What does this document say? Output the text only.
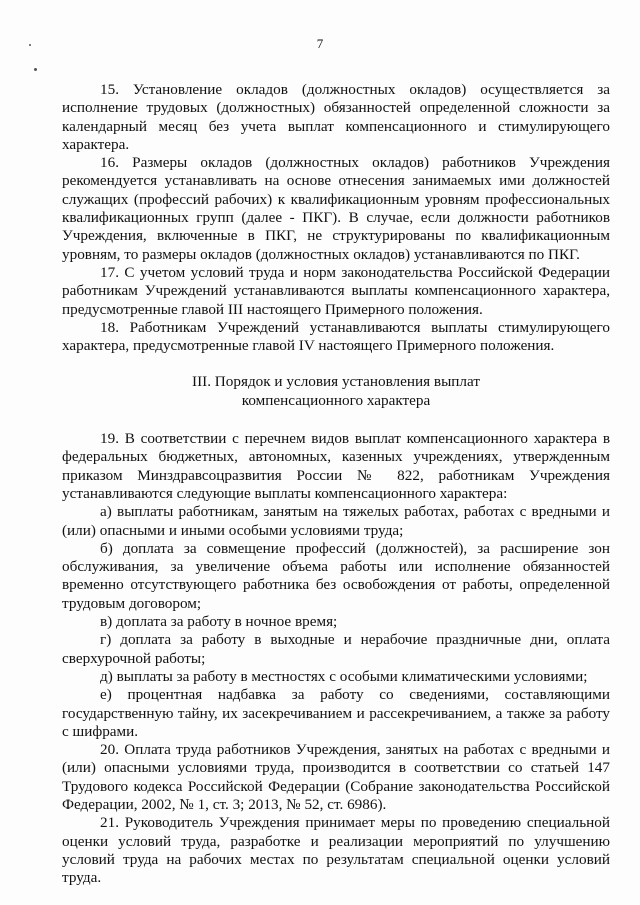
7

15. Установление окладов (должностных окладов) осуществляется за исполнение трудовых (должностных) обязанностей определенной сложности за календарный месяц без учета выплат компенсационного и стимулирующего характера.

16. Размеры окладов (должностных окладов) работников Учреждения рекомендуется устанавливать на основе отнесения занимаемых ими должностей служащих (профессий рабочих) к квалификационным уровням профессиональных квалификационных групп (далее - ПКГ). В случае, если должности работников Учреждения, включенные в ПКГ, не структурированы по квалификационным уровням, то размеры окладов (должностных окладов) устанавливаются по ПКГ.

17. С учетом условий труда и норм законодательства Российской Федерации работникам Учреждений устанавливаются выплаты компенсационного характера, предусмотренные главой III настоящего Примерного положения.

18. Работникам Учреждений устанавливаются выплаты стимулирующего характера, предусмотренные главой IV настоящего Примерного положения.

III. Порядок и условия установления выплат
компенсационного характера

19. В соответствии с перечнем видов выплат компенсационного характера в федеральных бюджетных, автономных, казенных учреждениях, утвержденным приказом Минздравсоцразвития России № 822, работникам Учреждения устанавливаются следующие выплаты компенсационного характера:

а) выплаты работникам, занятым на тяжелых работах, работах с вредными и (или) опасными и иными особыми условиями труда;

б) доплата за совмещение профессий (должностей), за расширение зон обслуживания, за увеличение объема работы или исполнение обязанностей временно отсутствующего работника без освобождения от работы, определенной трудовым договором;

в) доплата за работу в ночное время;

г) доплата за работу в выходные и нерабочие праздничные дни, оплата сверхурочной работы;

д) выплаты за работу в местностях с особыми климатическими условиями;

е) процентная надбавка за работу со сведениями, составляющими государственную тайну, их засекречиванием и рассекречиванием, а также за работу с шифрами.

20. Оплата труда работников Учреждения, занятых на работах с вредными и (или) опасными условиями труда, производится в соответствии со статьей 147 Трудового кодекса Российской Федерации (Собрание законодательства Российской Федерации, 2002, № 1, ст. 3; 2013, № 52, ст. 6986).

21. Руководитель Учреждения принимает меры по проведению специальной оценки условий труда, разработке и реализации мероприятий по улучшению условий труда на рабочих местах по результатам специальной оценки условий труда.
